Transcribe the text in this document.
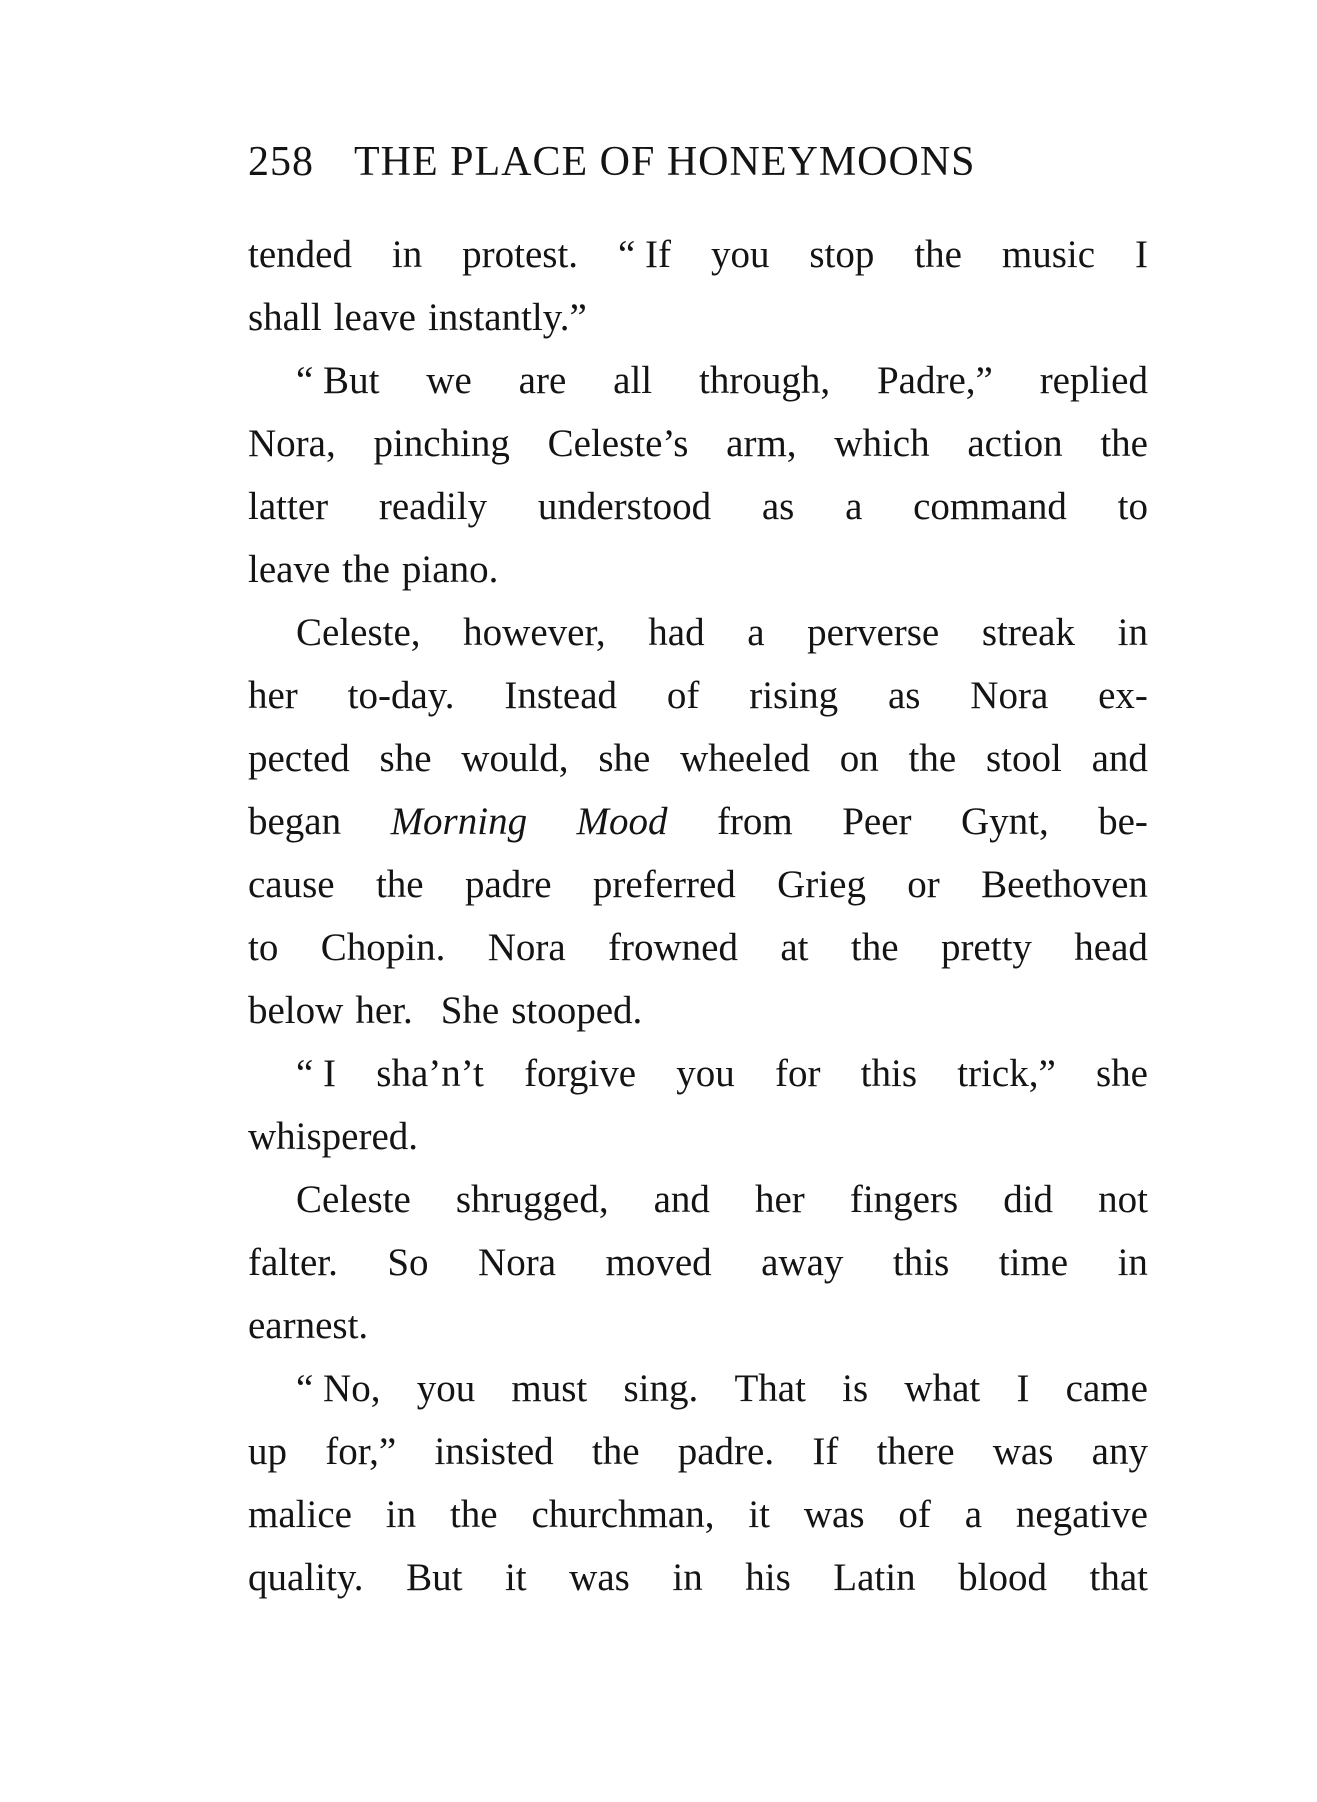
258 THE PLACE OF HONEYMOONS
tended in protest. “ If you stop the music I
shall leave instantly.”
“ But we are all through, Padre,” replied
Nora, pinching Celeste’s arm, which action the
latter readily understood as a command to
leave the piano.
Celeste, however, had a perverse streak in
her to-day. Instead of rising as Nora ex-
pected she would, she wheeled on the stool and
began Morning Mood from Peer Gynt, be-
cause the padre preferred Grieg or Beethoven
to Chopin. Nora frowned at the pretty head
below her. She stooped.
“ I sha’n’t forgive you for this trick,” she
whispered.
Celeste shrugged, and her fingers did not
falter. So Nora moved away this time in
earnest.
“ No, you must sing. That is what I came
up for,” insisted the padre. If there was any
malice in the churchman, it was of a negative
quality. But it was in his Latin blood that
